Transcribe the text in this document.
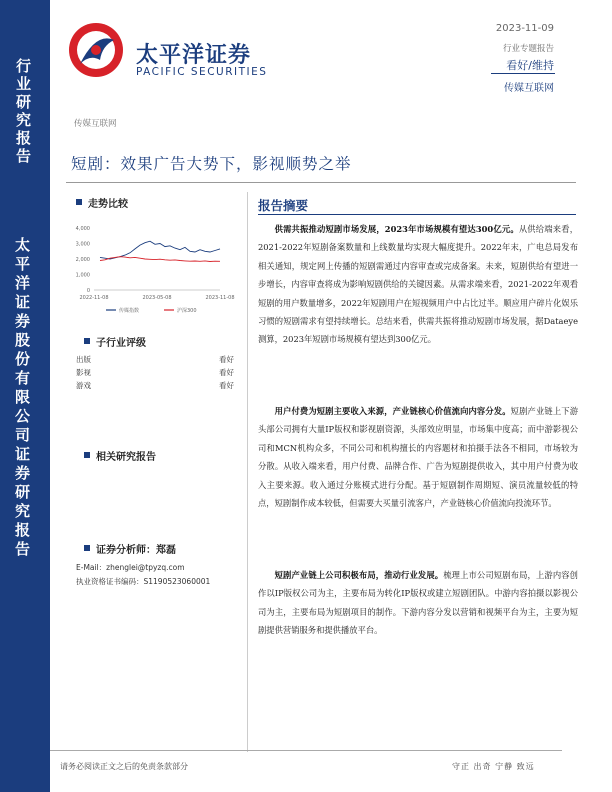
行业研究报告
太平洋证券股份有限公司证券研究报告
太平洋证券
PACIFIC SECURITIES
2023-11-09
行业专题报告
看好/维持
传媒互联网
传媒互联网
短剧：效果广告大势下，影视顺势之举
走势比较
4,000
3,000
2,000
1,000
0
2022-11-08	2023-05-08	2023-11-08
传媒指数	沪深300
子行业评级
出版	看好
影视	看好
游戏	看好
相关研究报告
证券分析师：郑磊
E-Mail：zhenglei@tpyzq.com
执业资格证书编码：S1190523060001
报告摘要
供需共振推动短剧市场发展，2023年市场规模有望达300亿元。从供给端来看，2021-2022年短剧备案数量和上线数量均实现大幅度提升。2022年末，广电总局发布相关通知，规定网上传播的短剧需通过内容审查或完成备案。未来，短剧供给有望进一步增长，内容审查将成为影响短剧供给的关键因素。从需求端来看，2021-2022年观看短剧的用户数量增多，2022年短剧用户在短视频用户中占比过半。顺应用户碎片化娱乐习惯的短剧需求有望持续增长。总结来看，供需共振将推动短剧市场发展，据Dataeye测算，2023年短剧市场规模有望达到300亿元。
用户付费为短剧主要收入来源，产业链核心价值流向内容分发。短剧产业链上下游头部公司拥有大量IP版权和影视剧资源，头部效应明显，市场集中度高；而中游影视公司和MCN机构众多，不同公司和机构擅长的内容题材和拍摄手法各不相同，市场较为分散。从收入端来看，用户付费、品牌合作、广告为短剧提供收入，其中用户付费为收入主要来源。收入通过分账模式进行分配。基于短剧制作周期短、演员流量较低的特点，短剧制作成本较低，但需要大买量引流客户，产业链核心价值流向投流环节。
短剧产业链上公司积极布局，推动行业发展。梳理上市公司短剧布局，上游内容创作以IP版权公司为主，主要布局为转化IP版权或建立短剧团队。中游内容拍摄以影视公司为主，主要布局为短剧项目的制作。下游内容分发以营销和视频平台为主，主要为短剧提供营销服务和提供播放平台。
请务必阅读正文之后的免责条款部分	守正 出奇 宁静 致远
